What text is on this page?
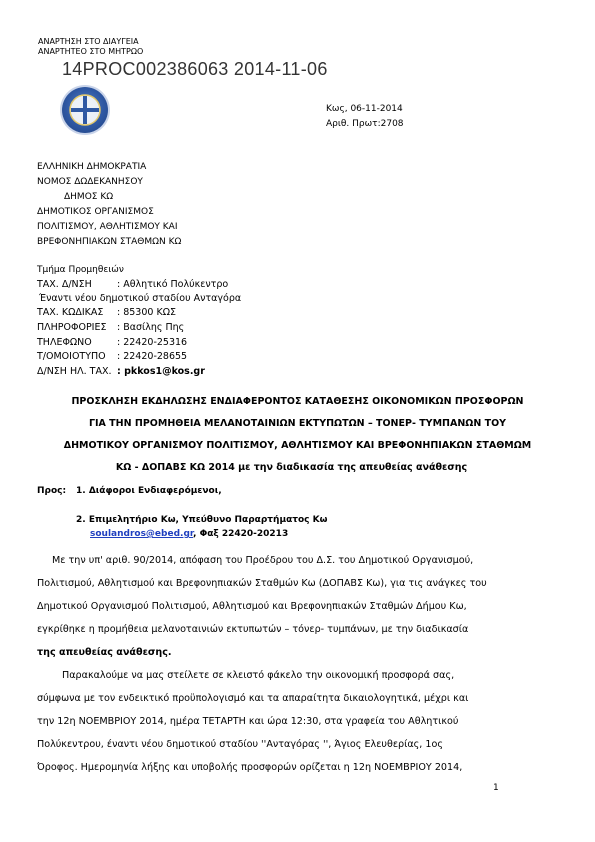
ΑΝΑΡΤΗΣΗ ΣΤΟ ΔΙΑΥΓΕΙΑ
ΑΝΑΡΤΗΤΕΟ ΣΤΟ ΜΗΤΡΩΟ
14PROC002386063 2014-11-06
Κως, 06-11-2014
Αριθ. Πρωτ:2708
ΕΛΛΗΝΙΚΗ ΔΗΜΟΚΡΑΤΙΑ
ΝΟΜΟΣ ΔΩΔΕΚΑΝΗΣΟΥ
ΔΗΜΟΣ ΚΩ
ΔΗΜΟΤΙΚΟΣ ΟΡΓΑΝΙΣΜΟΣ
ΠΟΛΙΤΙΣΜΟΥ, ΑΘΛΗΤΙΣΜΟΥ ΚΑΙ
ΒΡΕΦΟΝΗΠΙΑΚΩΝ ΣΤΑΘΜΩΝ ΚΩ
Τμήμα Προμηθειών
ΤΑΧ. Δ/ΝΣΗ	: Αθλητικό Πολύκεντρο
Έναντι νέου δημοτικού σταδίου Ανταγόρα
ΤΑΧ. ΚΩΔΙΚΑΣ : 85300 ΚΩΣ
ΠΛΗΡΟΦΟΡΙΕΣ : Βασίλης Πης
ΤΗΛΕΦΩΝΟ	: 22420-25316
Τ/ΟΜΟΙΟΤΥΠΟ : 22420-28655
Δ/ΝΣΗ ΗΛ. ΤΑΧ. : pkkos1@kos.gr
ΠΡΟΣΚΛΗΣΗ ΕΚΔΗΛΩΣΗΣ ΕΝΔΙΑΦΕΡΟΝΤΟΣ ΚΑΤΑΘΕΣΗΣ ΟΙΚΟΝΟΜΙΚΩΝ ΠΡΟΣΦΟΡΩΝ
ΓΙΑ ΤΗΝ ΠΡΟΜΗΘΕΙΑ ΜΕΛΑΝΟΤΑΙΝΙΩΝ ΕΚΤΥΠΩΤΩΝ – ΤΟΝΕΡ- ΤΥΜΠΑΝΩΝ ΤΟΥ
ΔΗΜΟΤΙΚΟΥ ΟΡΓΑΝΙΣΜΟΥ ΠΟΛΙΤΙΣΜΟΥ, ΑΘΛΗΤΙΣΜΟΥ ΚΑΙ ΒΡΕΦΟΝΗΠΙΑΚΩΝ ΣΤΑΘΜΩΜ
ΚΩ - ΔΟΠΑΒΣ ΚΩ 2014 με την διαδικασία της απευθείας ανάθεσης
Προς: 1. Διάφοροι Ενδιαφερόμενοι,
2. Επιμελητήριο Κω, Υπεύθυνο Παραρτήματος Κω
soulandros@ebed.gr, Φαξ 22420-20213
Με την υπ' αριθ. 90/2014, απόφαση του Προέδρου του Δ.Σ. του Δημοτικού Οργανισμού,
Πολιτισμού, Αθλητισμού και Βρεφονηπιακών Σταθμών Κω (ΔΟΠΑΒΣ Κω), για τις ανάγκες του
Δημοτικού Οργανισμού Πολιτισμού, Αθλητισμού και Βρεφονηπιακών Σταθμών Δήμου Κω,
εγκρίθηκε η προμήθεια μελανοταινιών εκτυπωτών – τόνερ- τυμπάνων, με την διαδικασία
της απευθείας ανάθεσης.
Παρακαλούμε να μας στείλετε σε κλειστό φάκελο την οικονομική προσφορά σας,
σύμφωνα με τον ενδεικτικό προϋπολογισμό και τα απαραίτητα δικαιολογητικά, μέχρι και
την 12η ΝΟΕΜΒΡΙΟΥ 2014, ημέρα ΤΕΤΑΡΤΗ και ώρα 12:30, στα γραφεία του Αθλητικού
Πολύκεντρου, έναντι νέου δημοτικού σταδίου ''Ανταγόρας '', Άγιος Ελευθερίας, 1ος
Όροφος. Ημερομηνία λήξης και υποβολής προσφορών ορίζεται η 12η ΝΟΕΜΒΡΙΟΥ 2014,
1
